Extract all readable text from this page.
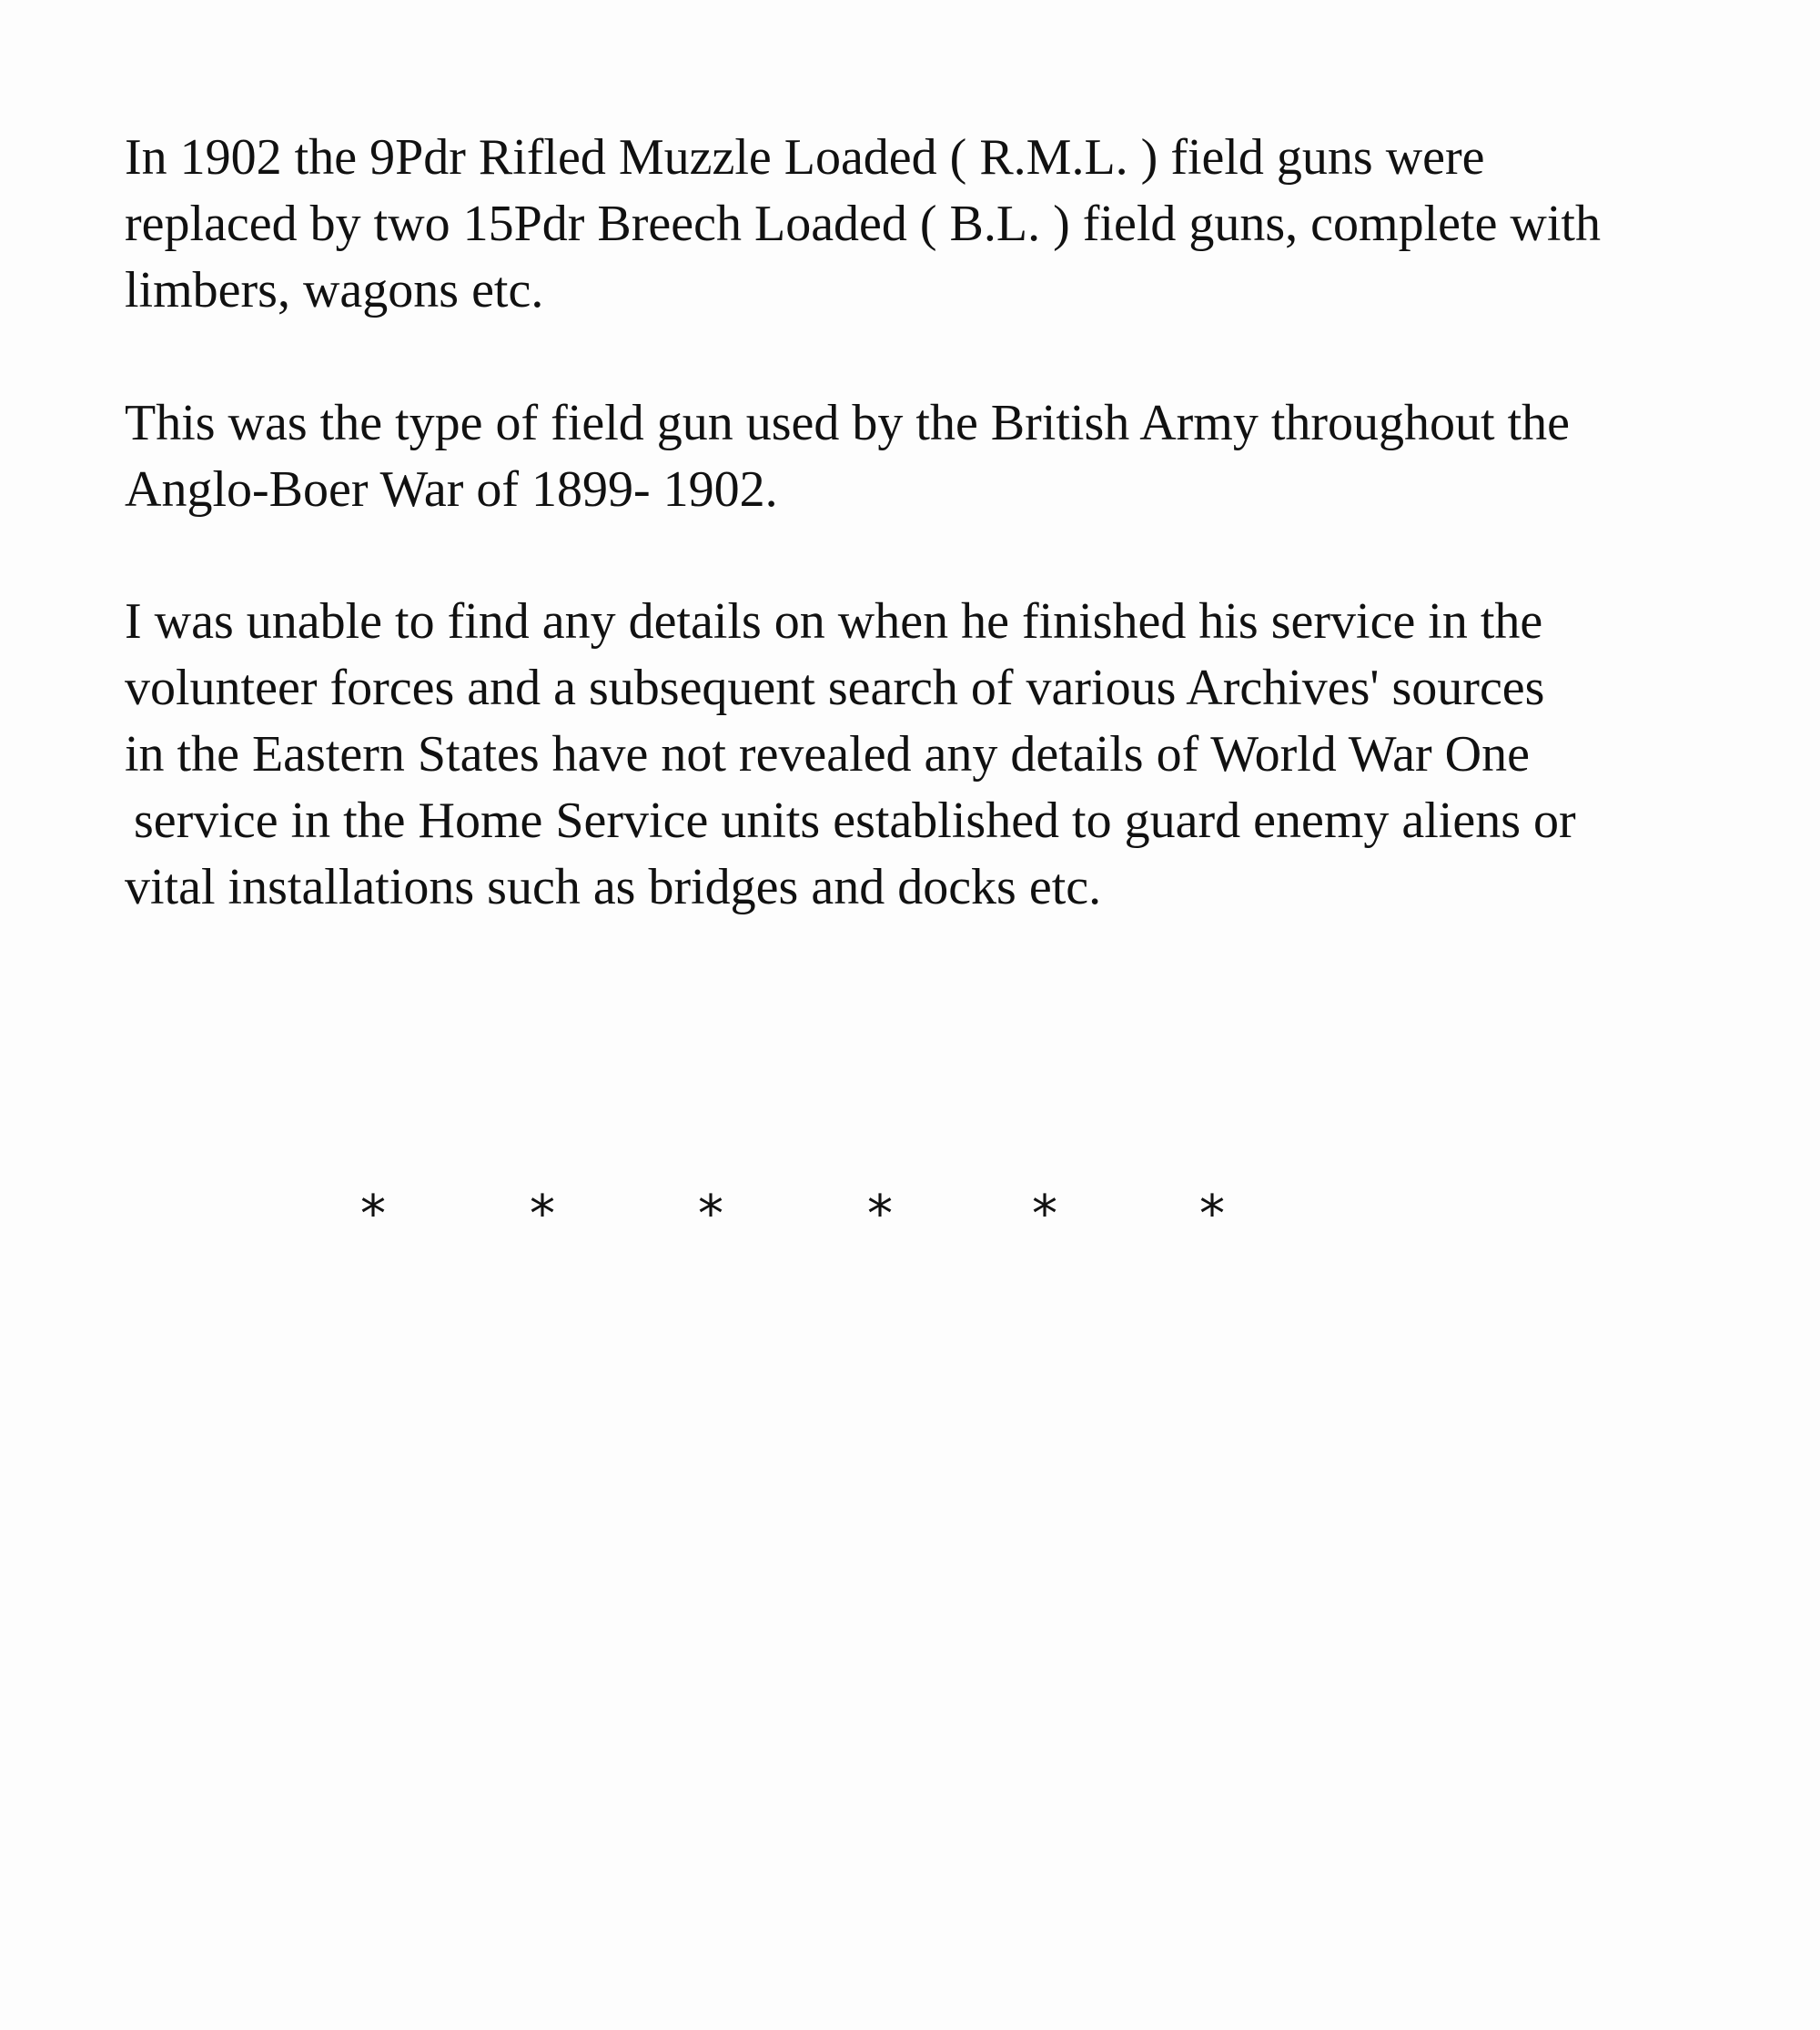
In 1902 the 9Pdr Rifled Muzzle Loaded ( R.M.L. ) field guns were
replaced by two 15Pdr Breech Loaded ( B.L. ) field guns, complete with
limbers, wagons etc.

This was the type of field gun used by the British Army throughout the
Anglo-Boer War of 1899- 1902.

I was unable to find any details on when he finished his service in the
volunteer forces and a subsequent search of various Archives' sources
in the Eastern States have not revealed any details of World War One
service in the Home Service units established to guard enemy aliens or
vital installations such as bridges and docks etc.

*	*	*	*	*	*
